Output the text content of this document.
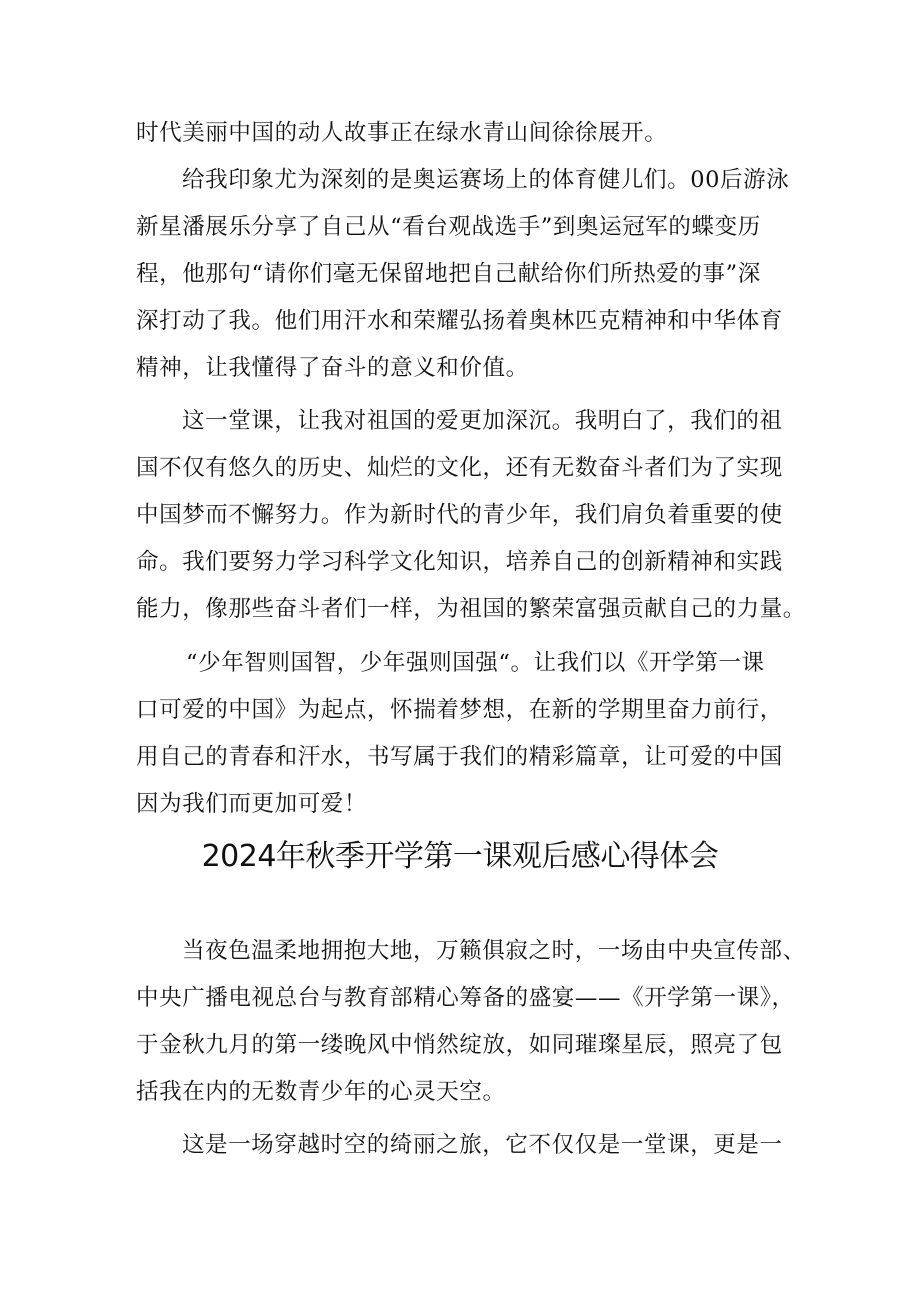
时代美丽中国的动人故事正在绿水青山间徐徐展开。
给我印象尤为深刻的是奥运赛场上的体育健儿们。00后游泳
新星潘展乐分享了自己从“看台观战选手”到奥运冠军的蝶变历
程，他那句“请你们毫无保留地把自己献给你们所热爱的事”深
深打动了我。他们用汗水和荣耀弘扬着奥林匹克精神和中华体育
精神，让我懂得了奋斗的意义和价值。
这一堂课，让我对祖国的爱更加深沉。我明白了，我们的祖
国不仅有悠久的历史、灿烂的文化，还有无数奋斗者们为了实现
中国梦而不懈努力。作为新时代的青少年，我们肩负着重要的使
命。我们要努力学习科学文化知识，培养自己的创新精神和实践
能力，像那些奋斗者们一样，为祖国的繁荣富强贡献自己的力量。
“少年智则国智，少年强则国强“。让我们以《开学第一课
口可爱的中国》为起点，怀揣着梦想，在新的学期里奋力前行，
用自己的青春和汗水，书写属于我们的精彩篇章，让可爱的中国
因为我们而更加可爱！
2024年秋季开学第一课观后感心得体会
当夜色温柔地拥抱大地，万籁俱寂之时，一场由中央宣传部、
中央广播电视总台与教育部精心筹备的盛宴——《开学第一课》，
于金秋九月的第一缕晚风中悄然绽放，如同璀璨星辰，照亮了包
括我在内的无数青少年的心灵天空。
这是一场穿越时空的绮丽之旅，它不仅仅是一堂课，更是一
